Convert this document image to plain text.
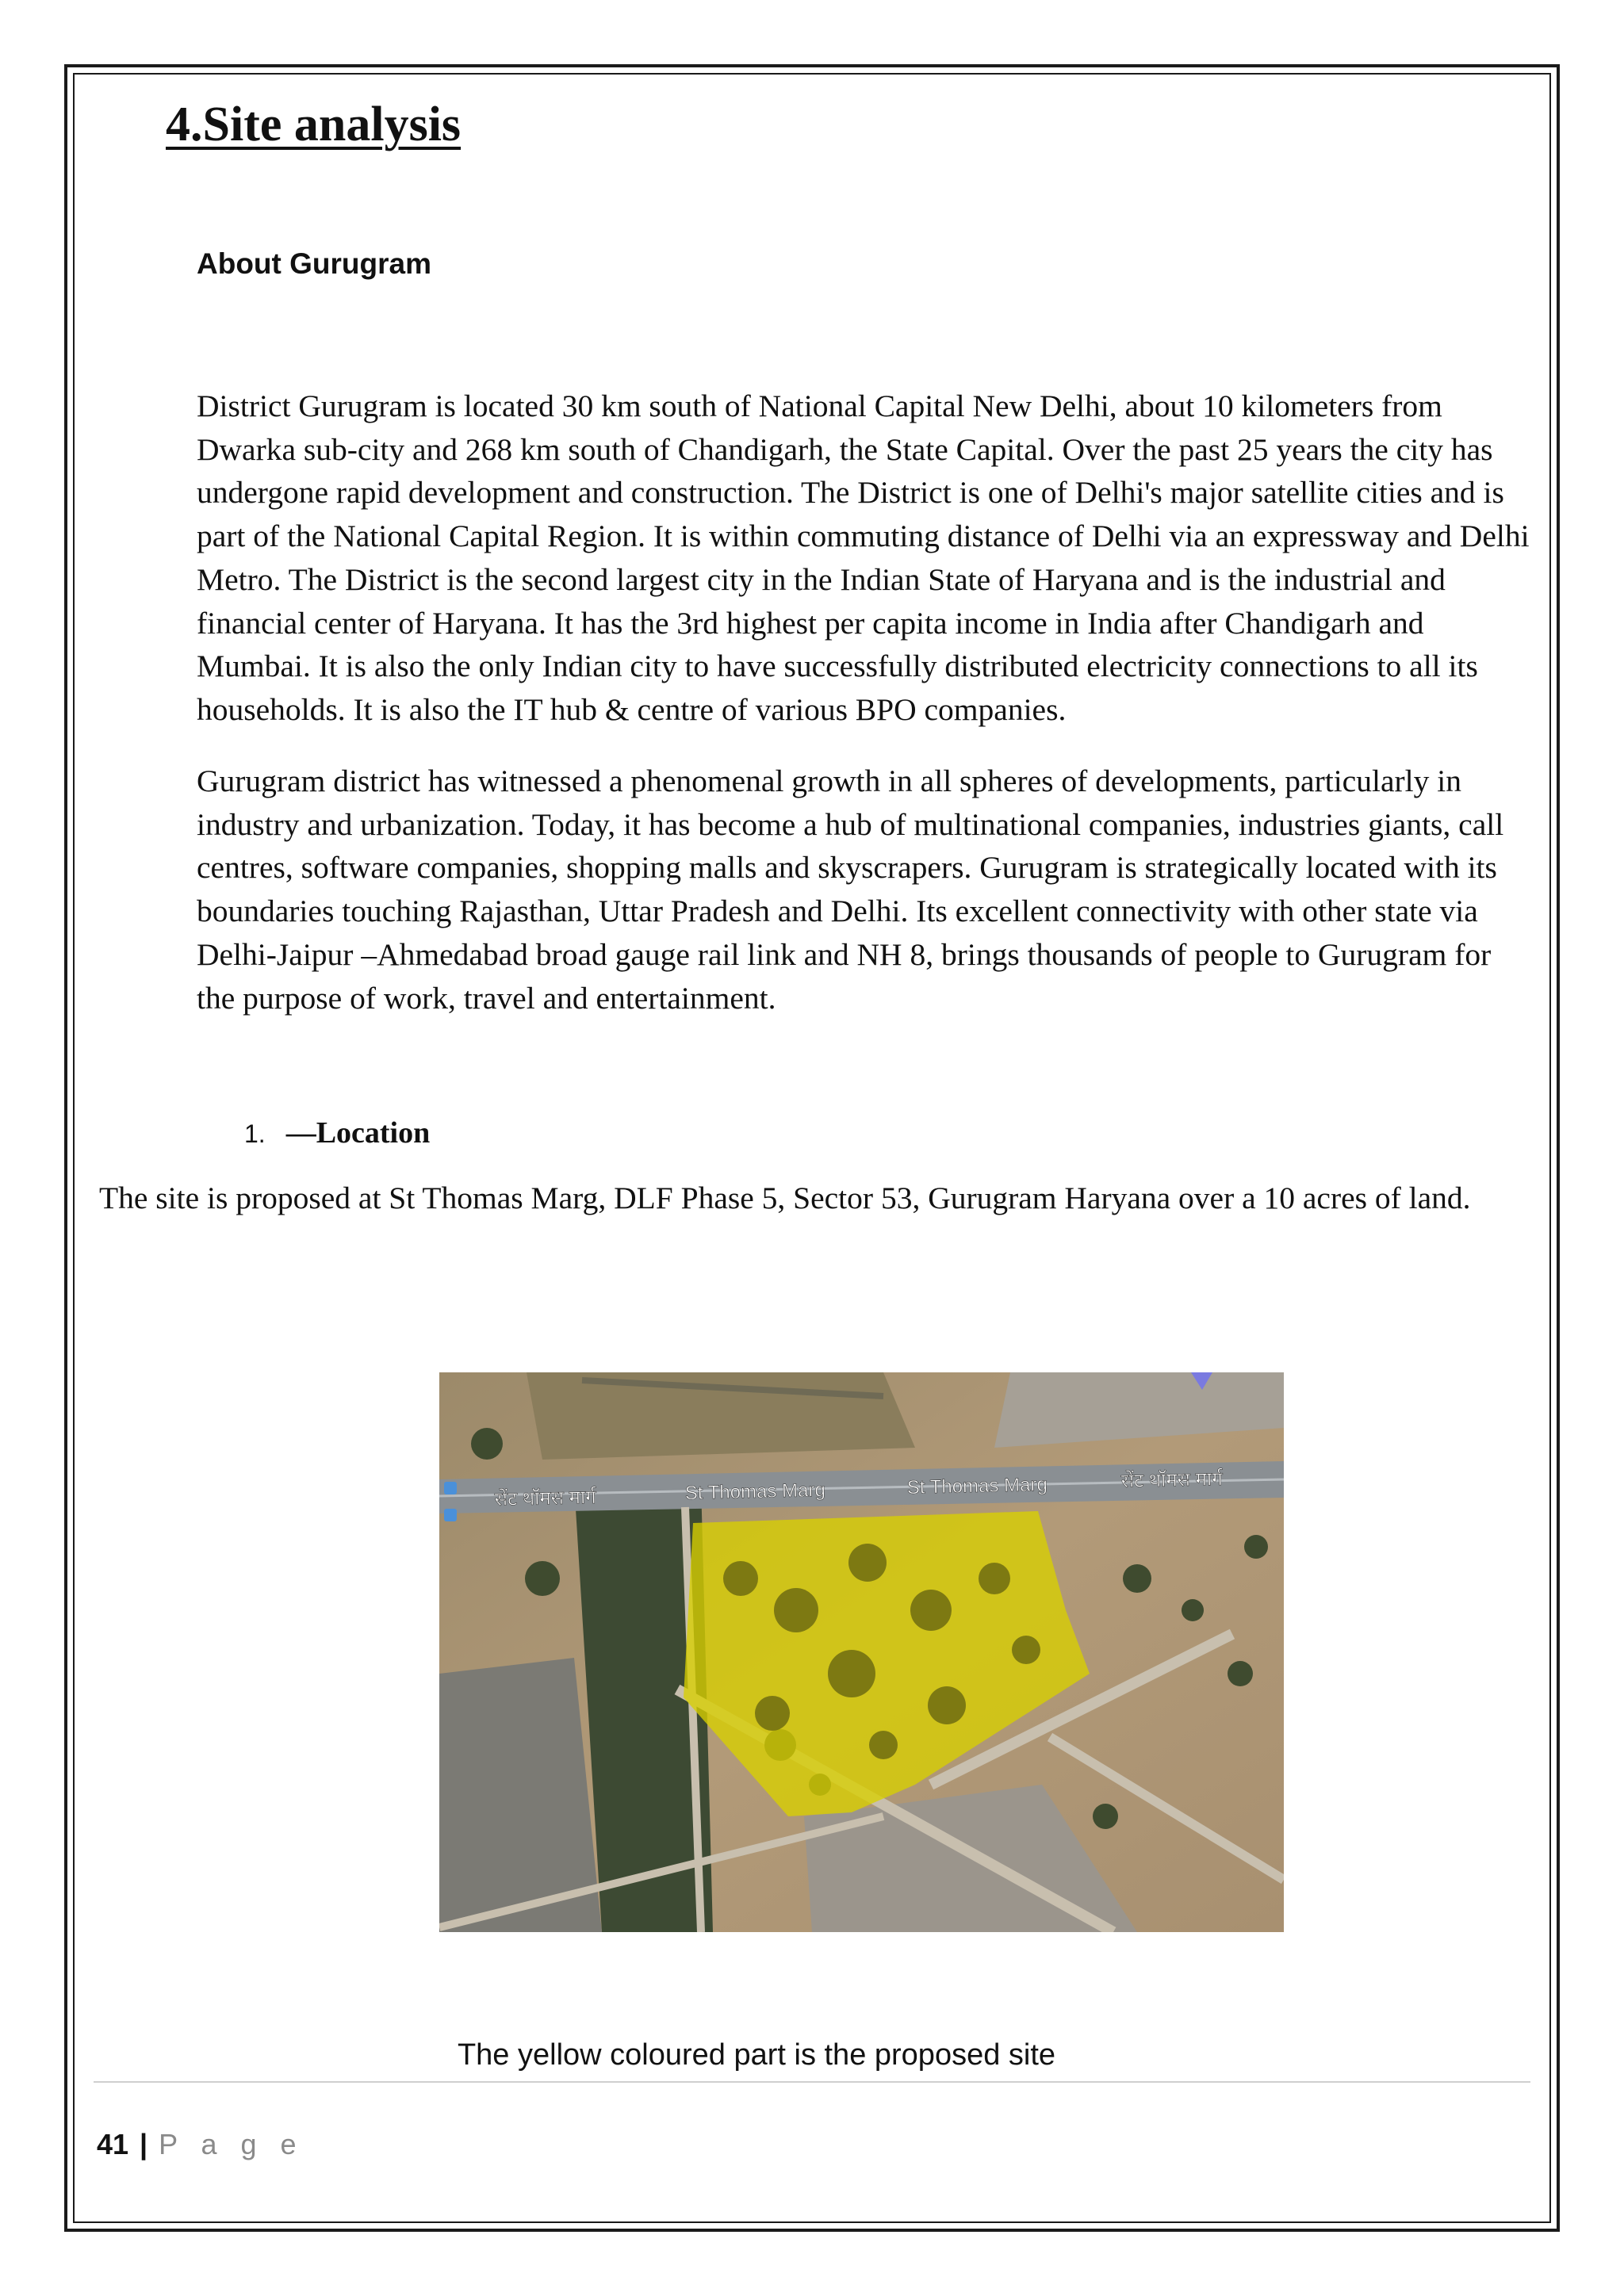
4.Site analysis
About Gurugram

District Gurugram is located 30 km south of National Capital New Delhi, about 10 kilometers from Dwarka sub-city and 268 km south of Chandigarh, the State Capital. Over the past 25 years the city has undergone rapid development and construction. The District is one of Delhi's major satellite cities and is part of the National Capital Region. It is within commuting distance of Delhi via an expressway and Delhi Metro. The District is the second largest city in the Indian State of Haryana and is the industrial and financial center of Haryana. It has the 3rd highest per capita income in India after Chandigarh and Mumbai. It is also the only Indian city to have successfully distributed electricity connections to all its households. It is also the IT hub & centre of various BPO companies.

Gurugram district has witnessed a phenomenal growth in all spheres of developments, particularly in industry and urbanization. Today, it has become a hub of multinational companies, industries giants, call centres, software companies, shopping malls and skyscrapers. Gurugram is strategically located with its boundaries touching Rajasthan, Uttar Pradesh and Delhi. Its excellent connectivity with other state via Delhi-Jaipur –Ahmedabad broad gauge rail link and NH 8, brings thousands of people to Gurugram for the purpose of work, travel and entertainment.

1. —Location

The site is proposed at St Thomas Marg, DLF Phase 5, Sector 53, Gurugram Haryana over a 10 acres of land.

सेंट थॉमस मार्ग	St Thomas Marg	St Thomas Marg	सेंट थॉमस मार्ग
The yellow coloured part is the proposed site
41 | P a g e
